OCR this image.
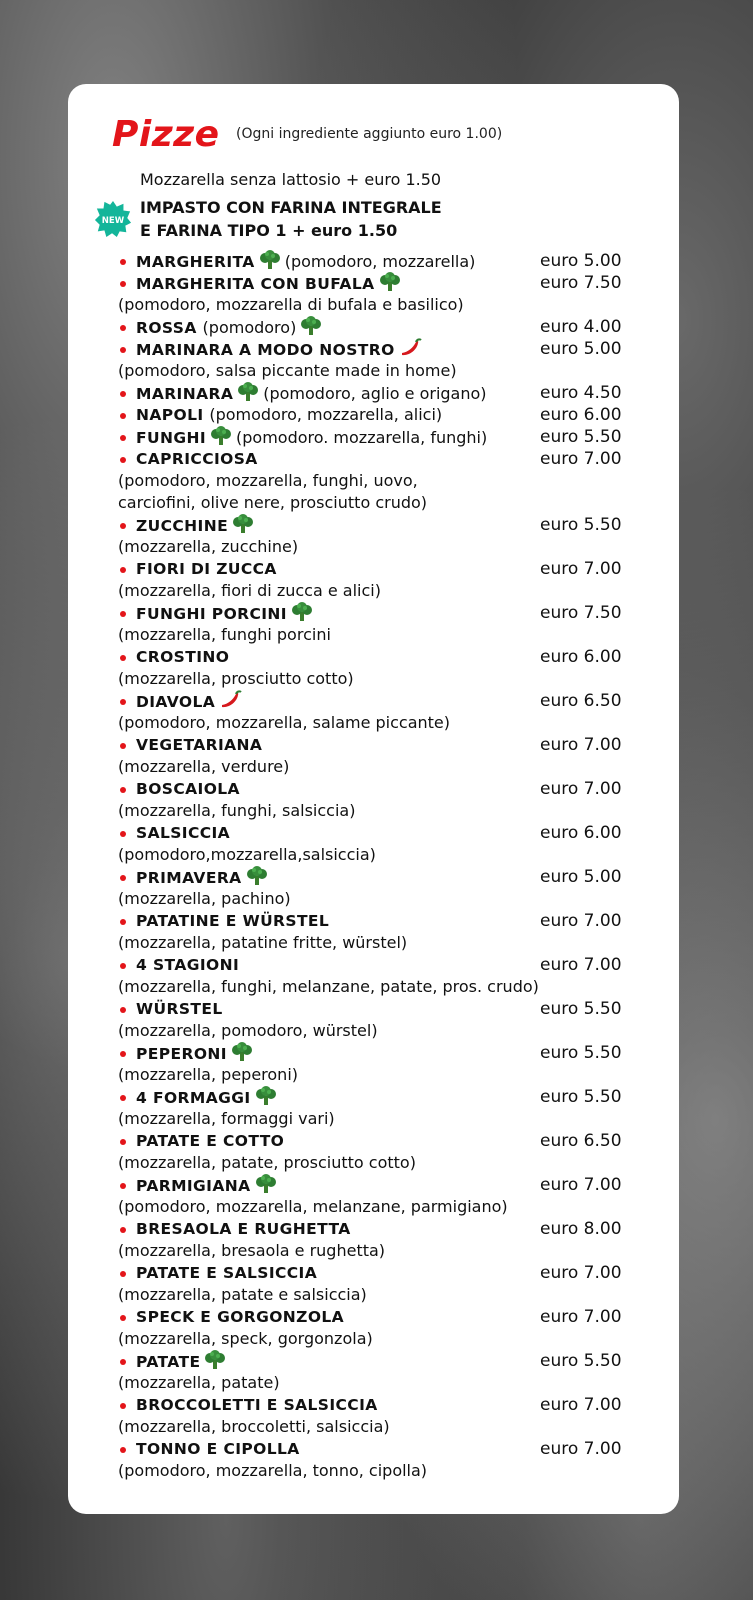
Pizze (Ogni ingrediente aggiunto euro 1.00)
Mozzarella senza lattosio + euro 1.50
NEW
IMPASTO CON FARINA INTEGRALE
E FARINA TIPO 1 + euro 1.50
MARGHERITA (pomodoro, mozzarella)	euro 5.00
MARGHERITA CON BUFALA	euro 7.50
(pomodoro, mozzarella di bufala e basilico)
ROSSA (pomodoro)	euro 4.00
MARINARA A MODO NOSTRO	euro 5.00
(pomodoro, salsa piccante made in home)
MARINARA (pomodoro, aglio e origano)	euro 4.50
NAPOLI (pomodoro, mozzarella, alici)	euro 6.00
FUNGHI (pomodoro. mozzarella, funghi)	euro 5.50
CAPRICCIOSA	euro 7.00
(pomodoro, mozzarella, funghi, uovo,
carciofini, olive nere, prosciutto crudo)
ZUCCHINE	euro 5.50
(mozzarella, zucchine)
FIORI DI ZUCCA	euro 7.00
(mozzarella, fiori di zucca e alici)
FUNGHI PORCINI	euro 7.50
(mozzarella, funghi porcini
CROSTINO	euro 6.00
(mozzarella, prosciutto cotto)
DIAVOLA	euro 6.50
(pomodoro, mozzarella, salame piccante)
VEGETARIANA	euro 7.00
(mozzarella, verdure)
BOSCAIOLA	euro 7.00
(mozzarella, funghi, salsiccia)
SALSICCIA	euro 6.00
(pomodoro,mozzarella,salsiccia)
PRIMAVERA	euro 5.00
(mozzarella, pachino)
PATATINE E WÜRSTEL	euro 7.00
(mozzarella, patatine fritte, würstel)
4 STAGIONI	euro 7.00
(mozzarella, funghi, melanzane, patate, pros. crudo)
WÜRSTEL	euro 5.50
(mozzarella, pomodoro, würstel)
PEPERONI	euro 5.50
(mozzarella, peperoni)
4 FORMAGGI	euro 5.50
(mozzarella, formaggi vari)
PATATE E COTTO	euro 6.50
(mozzarella, patate, prosciutto cotto)
PARMIGIANA	euro 7.00
(pomodoro, mozzarella, melanzane, parmigiano)
BRESAOLA E RUGHETTA	euro 8.00
(mozzarella, bresaola e rughetta)
PATATE E SALSICCIA	euro 7.00
(mozzarella, patate e salsiccia)
SPECK E GORGONZOLA	euro 7.00
(mozzarella, speck, gorgonzola)
PATATE	euro 5.50
(mozzarella, patate)
BROCCOLETTI E SALSICCIA	euro 7.00
(mozzarella, broccoletti, salsiccia)
TONNO E CIPOLLA	euro 7.00
(pomodoro, mozzarella, tonno, cipolla)
